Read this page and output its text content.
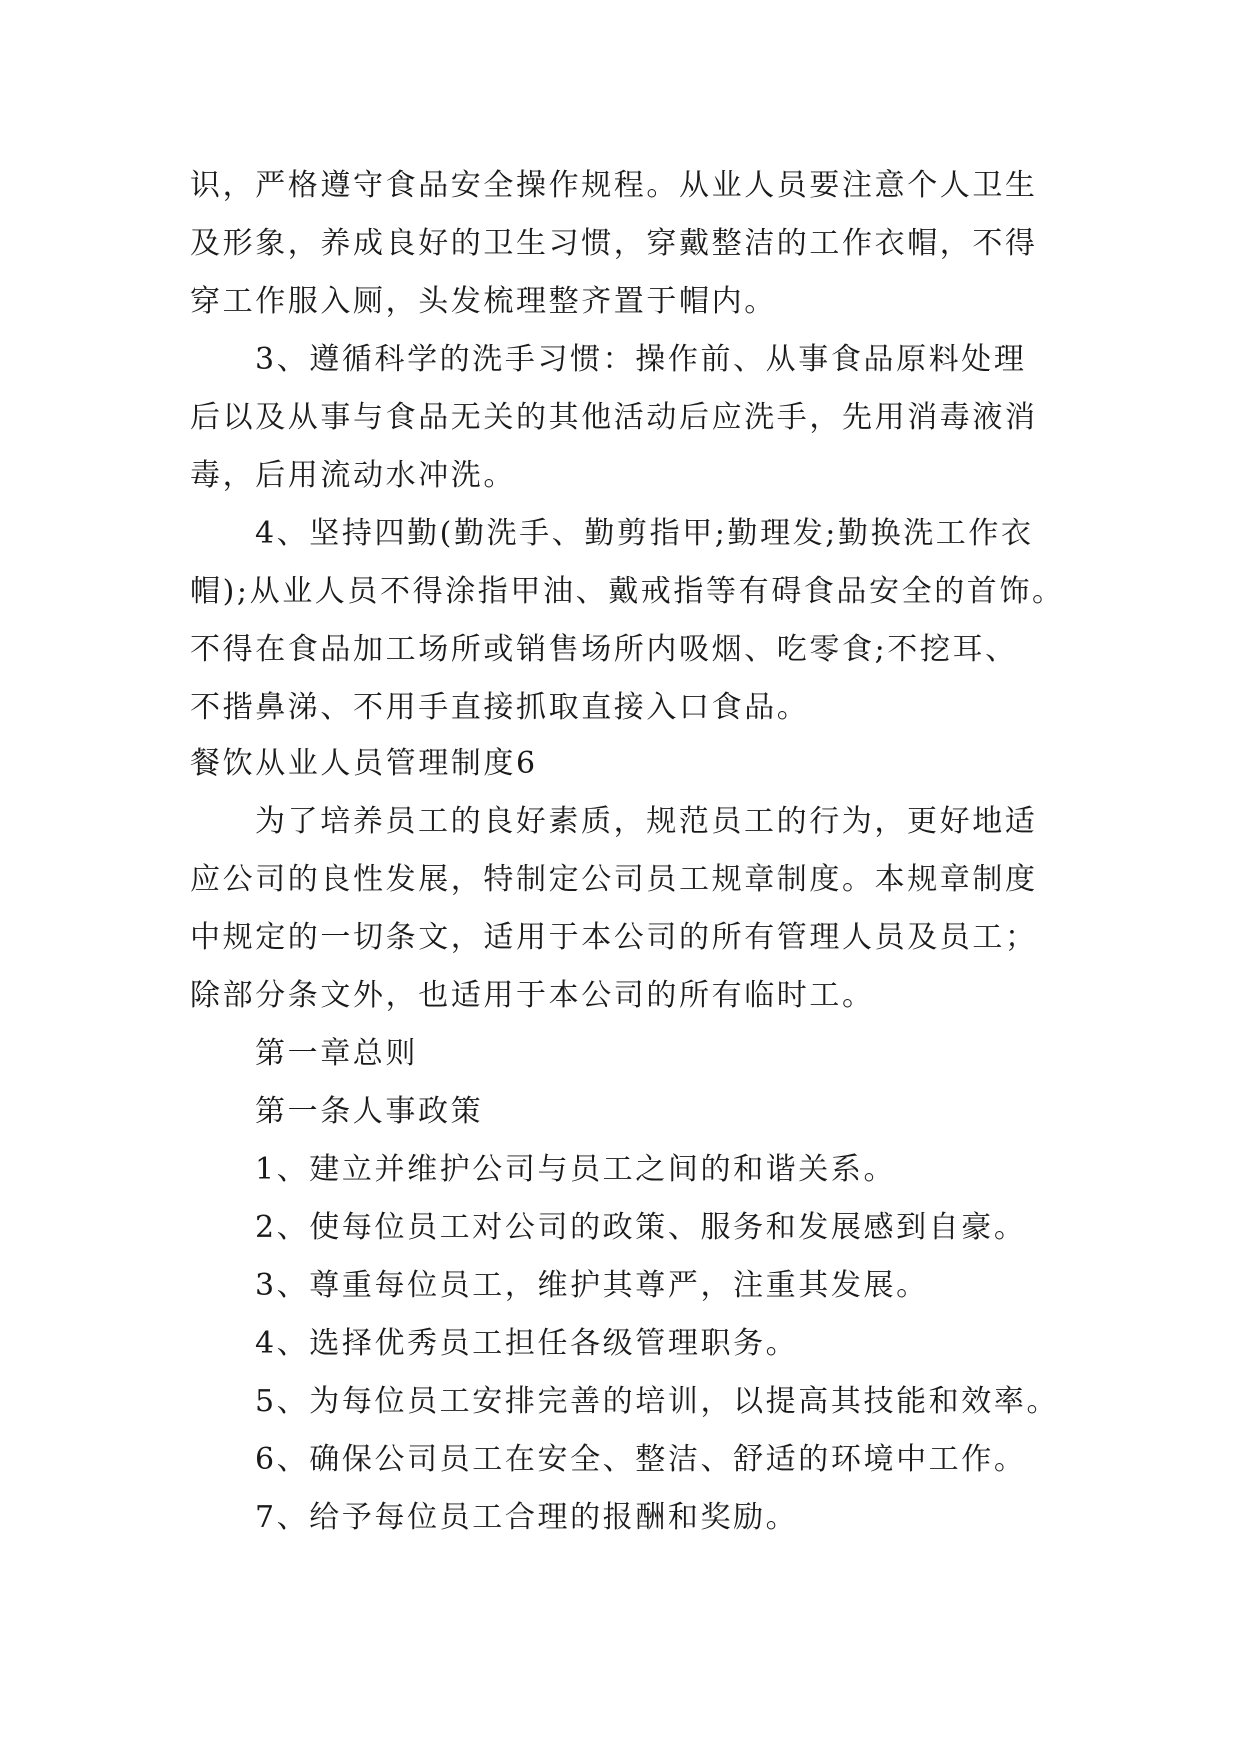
识，严格遵守食品安全操作规程。从业人员要注意个人卫生
及形象，养成良好的卫生习惯，穿戴整洁的工作衣帽，不得
穿工作服入厕，头发梳理整齐置于帽内。
3、遵循科学的洗手习惯：操作前、从事食品原料处理
后以及从事与食品无关的其他活动后应洗手，先用消毒液消
毒，后用流动水冲洗。
4、坚持四勤(勤洗手、勤剪指甲;勤理发;勤换洗工作衣
帽);从业人员不得涂指甲油、戴戒指等有碍食品安全的首饰。
不得在食品加工场所或销售场所内吸烟、吃零食;不挖耳、
不揩鼻涕、不用手直接抓取直接入口食品。
餐饮从业人员管理制度6
为了培养员工的良好素质，规范员工的行为，更好地适
应公司的良性发展，特制定公司员工规章制度。本规章制度
中规定的一切条文，适用于本公司的所有管理人员及员工；
除部分条文外，也适用于本公司的所有临时工。
第一章总则
第一条人事政策
1、建立并维护公司与员工之间的和谐关系。
2、使每位员工对公司的政策、服务和发展感到自豪。
3、尊重每位员工，维护其尊严，注重其发展。
4、选择优秀员工担任各级管理职务。
5、为每位员工安排完善的培训，以提高其技能和效率。
6、确保公司员工在安全、整洁、舒适的环境中工作。
7、给予每位员工合理的报酬和奖励。
